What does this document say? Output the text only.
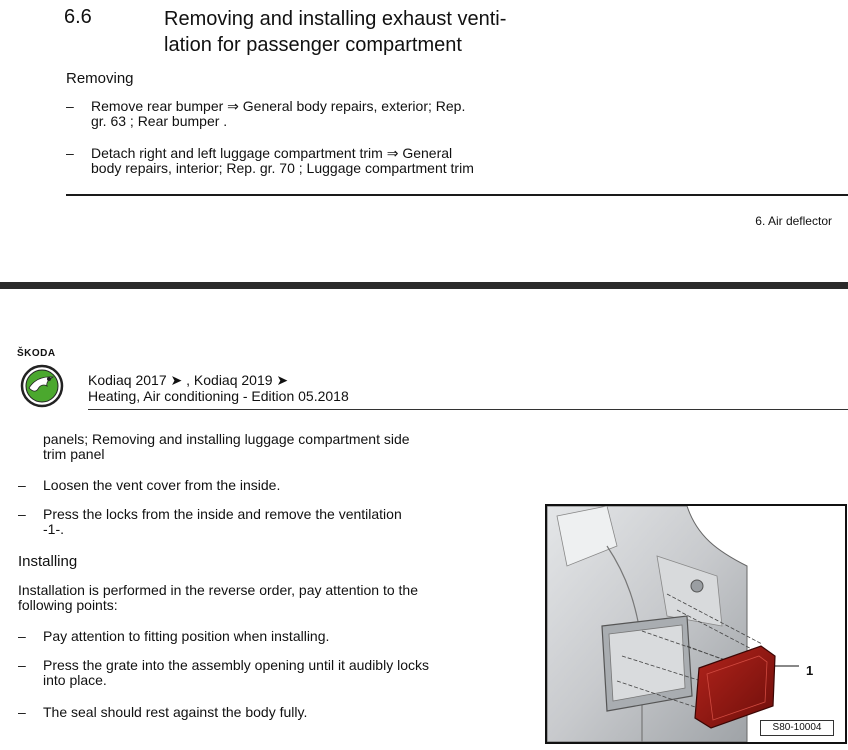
6.6	Removing and installing exhaust venti-
lation for passenger compartment
Removing
– Remove rear bumper ⇒ General body repairs, exterior; Rep.
gr. 63 ; Rear bumper .
– Detach right and left luggage compartment trim ⇒ General
body repairs, interior; Rep. gr. 70 ; Luggage compartment trim
6. Air deflector
ŠKODA
Kodiaq 2017 ➤ , Kodiaq 2019 ➤
Heating, Air conditioning - Edition 05.2018
panels; Removing and installing luggage compartment side
trim panel
– Loosen the vent cover from the inside.
– Press the locks from the inside and remove the ventilation
-1-.
Installing
Installation is performed in the reverse order, pay attention to the
following points:
– Pay attention to fitting position when installing.
– Press the grate into the assembly opening until it audibly locks
into place.
– The seal should rest against the body fully.
1
S80-10004
